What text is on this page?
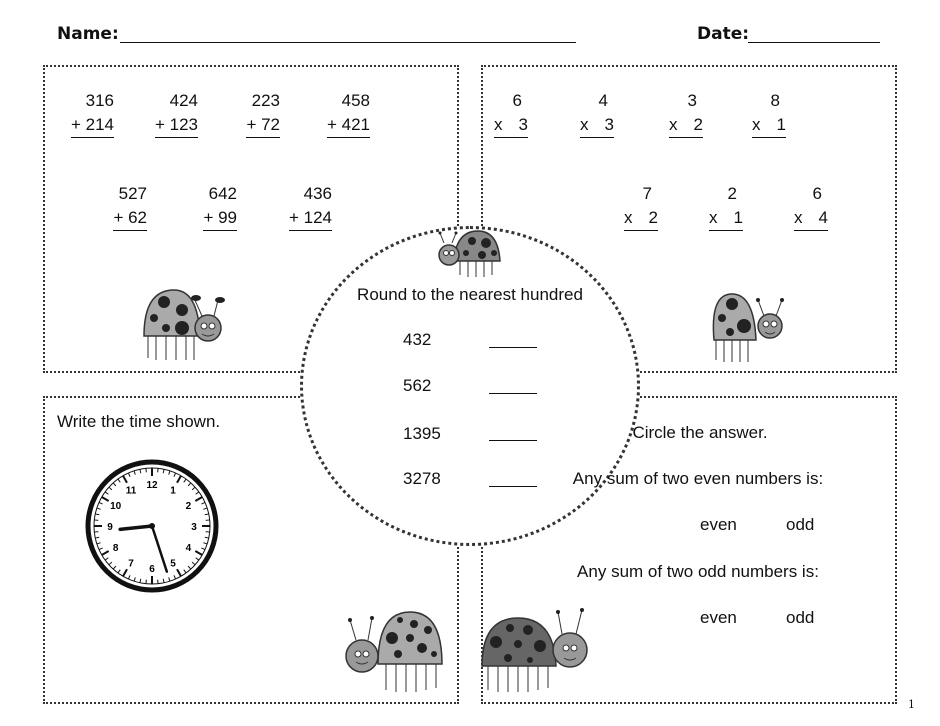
Name:	Date:
316
+ 214
424
+ 123
223
+ 72
458
+ 421
527
+ 62
642
+ 99
436
+ 124
6
x 3
4
x 3
3
x 2
8
x 1
7
x 2
2
x 1
6
x 4
Round to the nearest hundred
432
562
1395
3278
Write the time shown.
12
1
2
3
4
5
6
7
8
9
10
11
Circle the answer.
Any sum of two even numbers is:
even	odd
Any sum of two odd numbers is:
even	odd
1
